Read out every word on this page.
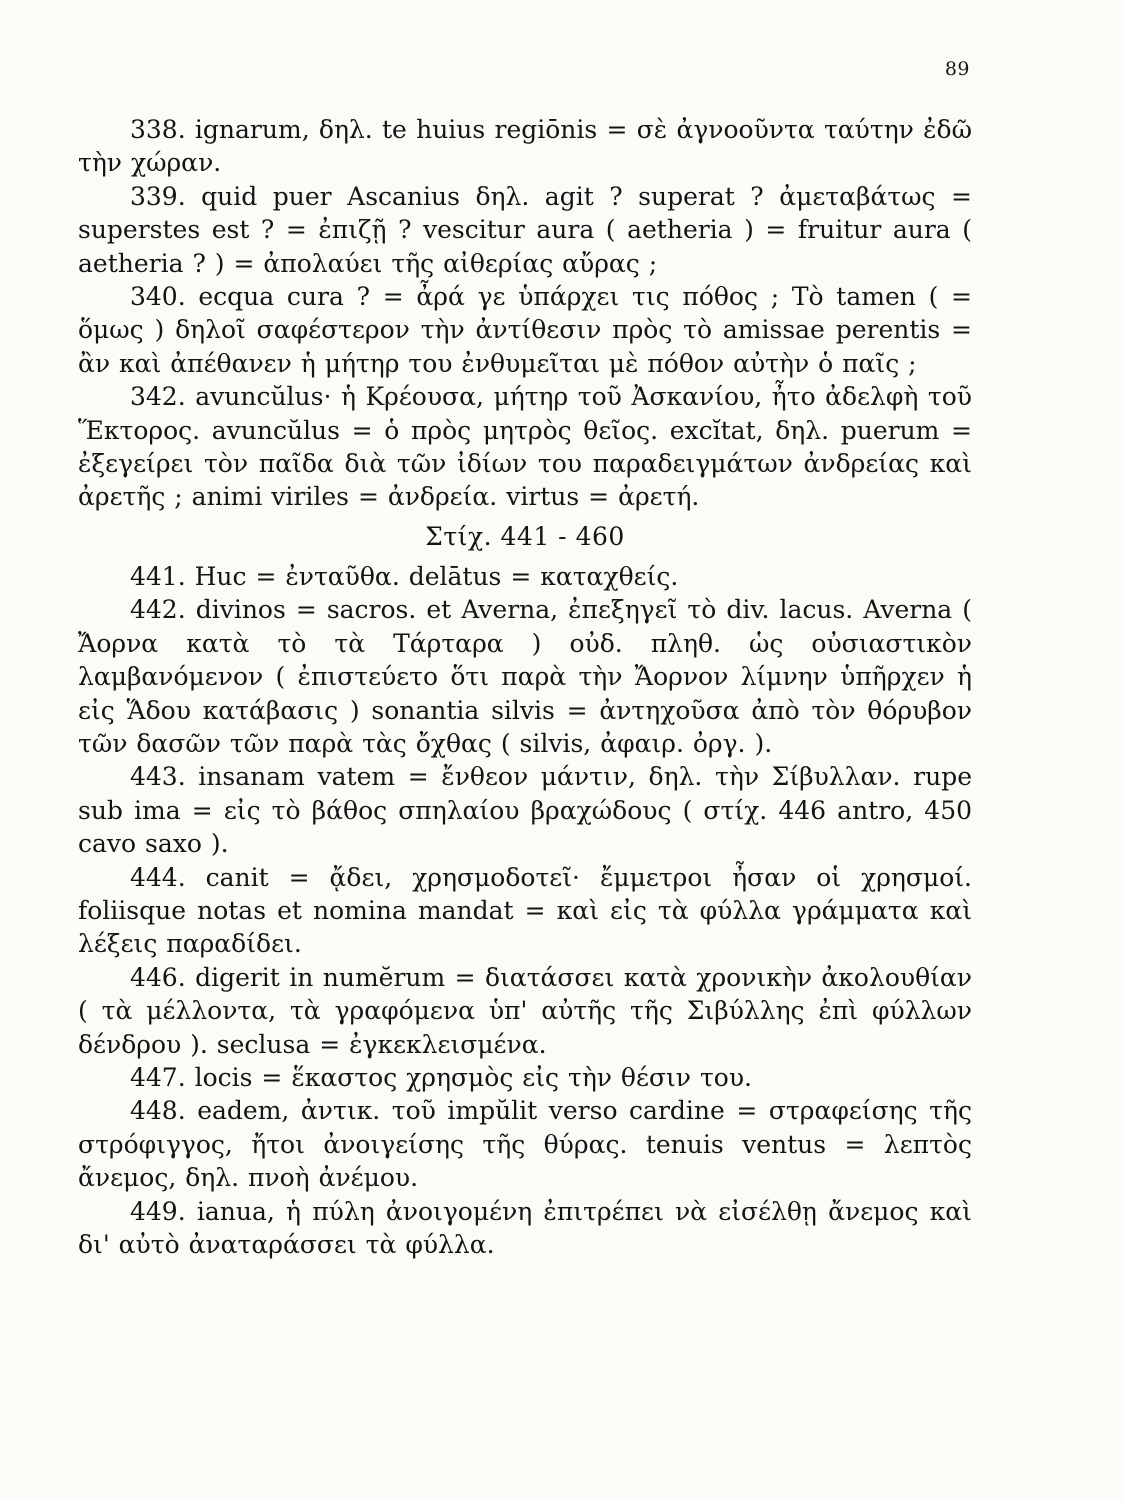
89

338. ignarum, δηλ. te huius regiōnis = σὲ ἀγνοοῦντα ταύτην ἐδῶ τὴν χώραν.

339. quid puer Ascanius δηλ. agit ? superat ? ἀμεταβάτως = superstes est ? = ἐπιζῇ ? vescitur aura ( aetheria ) = fruitur aura ( aetheria ? ) = ἀπολαύει τῆς αἰθερίας αὔρας ;

340. ecqua cura ? = ἆρά γε ὑπάρχει τις πόθος ; Τὸ tamen ( = ὅμως ) δηλοῖ σαφέστερον τὴν ἀντίθεσιν πρὸς τὸ amissae perentis = ἂν καὶ ἀπέθανεν ἡ μήτηρ του ἐνθυμεῖται μὲ πόθον αὐτὴν ὁ παῖς ;

342. avuncŭlus· ἡ Κρέουσα, μήτηρ τοῦ Ἀσκανίου, ἦτο ἀδελφὴ τοῦ Ἕκτορος. avuncŭlus = ὁ πρὸς μητρὸς θεῖος. excĭtat, δηλ. puerum = ἐξεγείρει τὸν παῖδα διὰ τῶν ἰδίων του παραδειγμάτων ἀνδρείας καὶ ἀρετῆς ; animi viriles = ἀνδρεία. virtus = ἀρετή.

Στίχ. 441 - 460

441. Huc = ἐνταῦθα. delātus = καταχθείς.

442. divinos = sacros. et Averna, ἐπεξηγεῖ τὸ div. lacus. Averna ( Ἄορνα κατὰ τὸ τὰ Τάρταρα ) οὐδ. πληθ. ὡς οὐσιαστικὸν λαμβανόμενον ( ἐπιστεύετο ὅτι παρὰ τὴν Ἄορνον λίμνην ὑπῆρχεν ἡ εἰς Ἅδου κατάβασις ) sonantia silvis = ἀντηχοῦσα ἀπὸ τὸν θόρυβον τῶν δασῶν τῶν παρὰ τὰς ὄχθας ( silvis, ἀφαιρ. ὀργ. ).

443. insanam vatem = ἔνθεον μάντιν, δηλ. τὴν Σίβυλλαν. rupe sub ima = εἰς τὸ βάθος σπηλαίου βραχώδους ( στίχ. 446 antro, 450 cavo saxo ).

444. canit = ᾄδει, χρησμοδοτεῖ· ἔμμετροι ἦσαν οἱ χρησμοί. foliisque notas et nomina mandat = καὶ εἰς τὰ φύλλα γράμματα καὶ λέξεις παραδίδει.

446. digerit in numĕrum = διατάσσει κατὰ χρονικὴν ἀκολουθίαν ( τὰ μέλλοντα, τὰ γραφόμενα ὑπ' αὐτῆς τῆς Σιβύλλης ἐπὶ φύλλων δένδρου ). seclusa = ἐγκεκλεισμένα.

447. locis = ἕκαστος χρησμὸς εἰς τὴν θέσιν του.

448. eadem, ἀντικ. τοῦ impŭlit verso cardine = στραφείσης τῆς στρόφιγγος, ἤτοι ἀνοιγείσης τῆς θύρας. tenuis ventus = λεπτὸς ἄνεμος, δηλ. πνοὴ ἀνέμου.

449. ianua, ἡ πύλη ἀνοιγομένη ἐπιτρέπει νὰ εἰσέλθῃ ἄνεμος καὶ δι' αὐτὸ ἀναταράσσει τὰ φύλλα.
